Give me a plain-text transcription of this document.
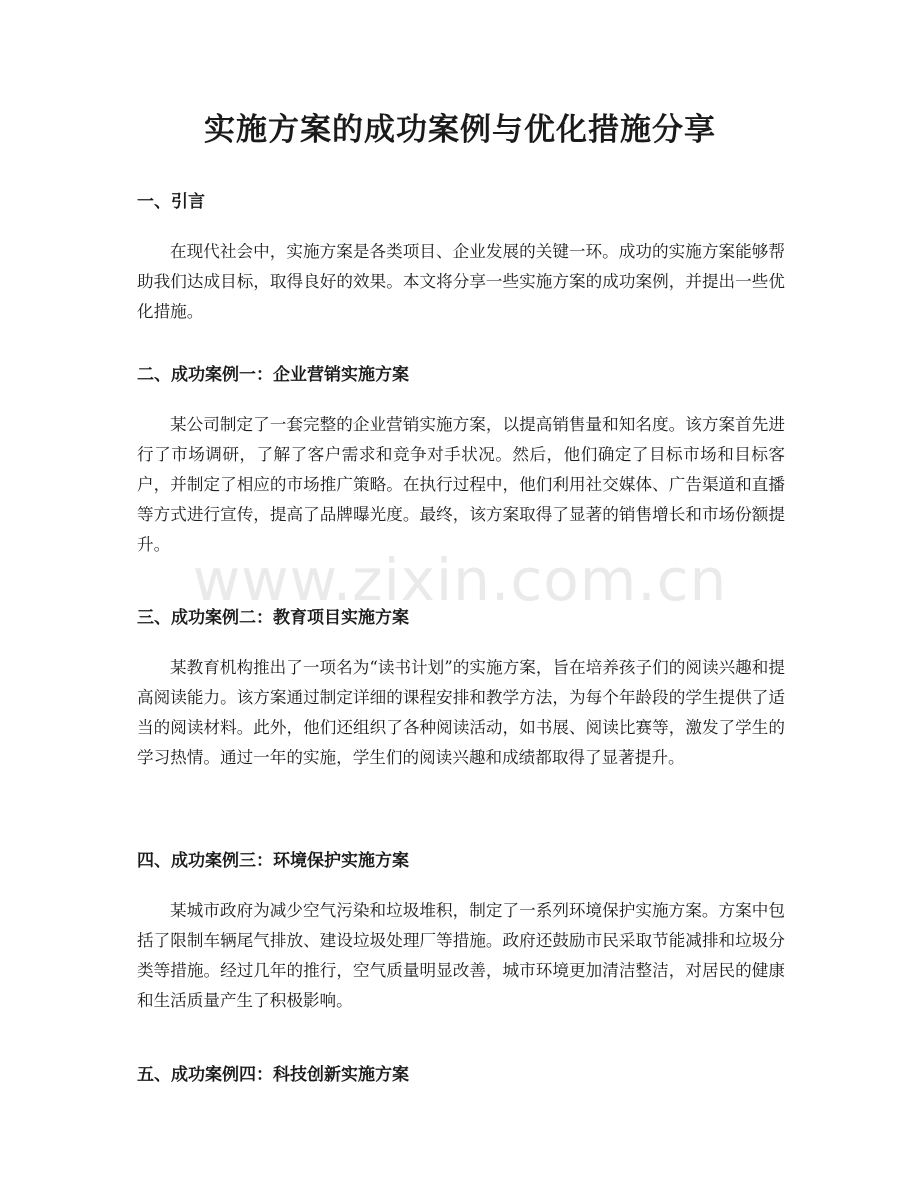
实施方案的成功案例与优化措施分享
一、引言

在现代社会中，实施方案是各类项目、企业发展的关键一环。成功的实施方案能够帮助我们达成目标，取得良好的效果。本文将分享一些实施方案的成功案例，并提出一些优化措施。

二、成功案例一：企业营销实施方案

某公司制定了一套完整的企业营销实施方案，以提高销售量和知名度。该方案首先进行了市场调研，了解了客户需求和竞争对手状况。然后，他们确定了目标市场和目标客户，并制定了相应的市场推广策略。在执行过程中，他们利用社交媒体、广告渠道和直播等方式进行宣传，提高了品牌曝光度。最终，该方案取得了显著的销售增长和市场份额提升。

三、成功案例二：教育项目实施方案

某教育机构推出了一项名为“读书计划”的实施方案，旨在培养孩子们的阅读兴趣和提高阅读能力。该方案通过制定详细的课程安排和教学方法，为每个年龄段的学生提供了适当的阅读材料。此外，他们还组织了各种阅读活动，如书展、阅读比赛等，激发了学生的学习热情。通过一年的实施，学生们的阅读兴趣和成绩都取得了显著提升。

四、成功案例三：环境保护实施方案

某城市政府为减少空气污染和垃圾堆积，制定了一系列环境保护实施方案。方案中包括了限制车辆尾气排放、建设垃圾处理厂等措施。政府还鼓励市民采取节能减排和垃圾分类等措施。经过几年的推行，空气质量明显改善，城市环境更加清洁整洁，对居民的健康和生活质量产生了积极影响。

五、成功案例四：科技创新实施方案
www.zixin.com.cn
